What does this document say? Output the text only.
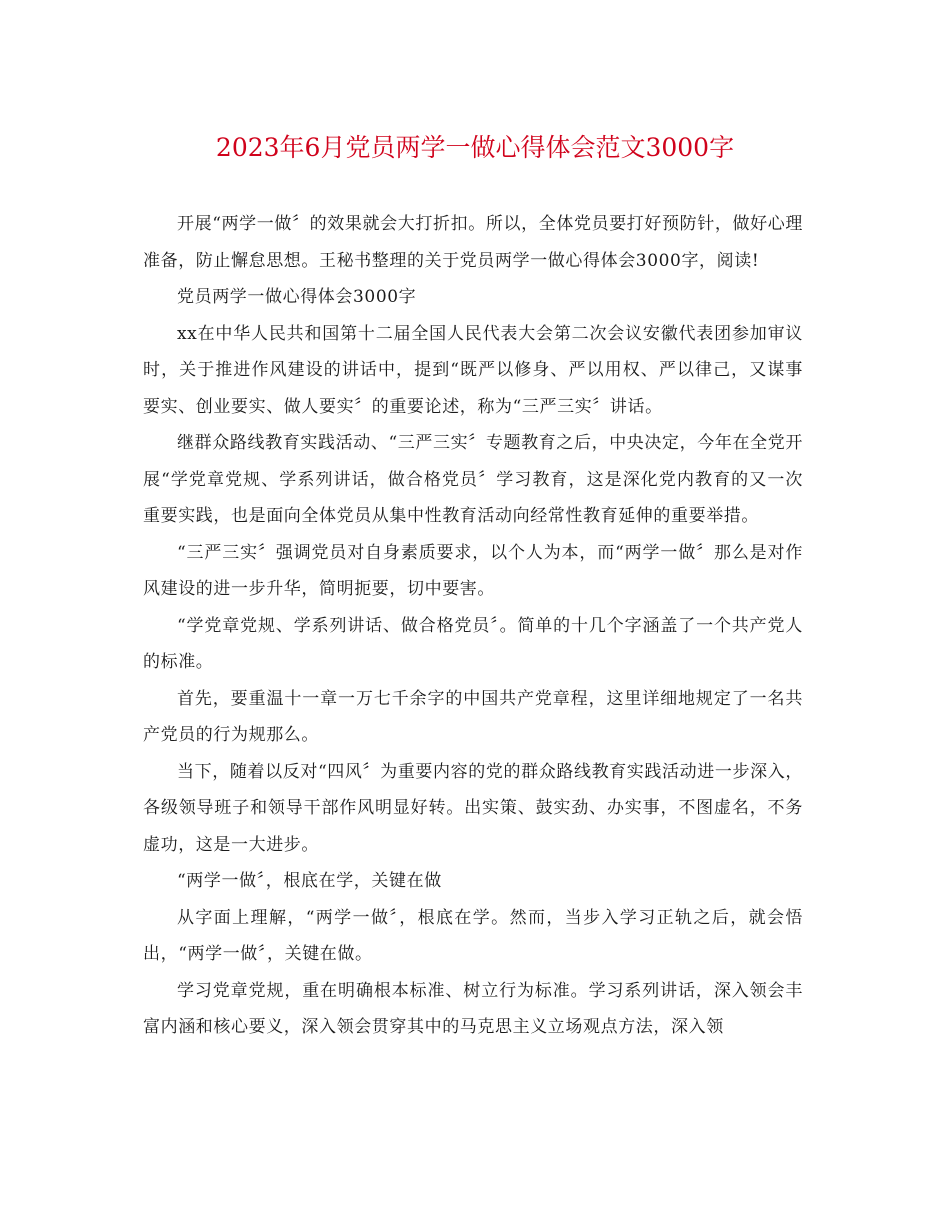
2023年6月党员两学一做心得体会范文3000字

开展“两学一做〞的效果就会大打折扣。所以，全体党员要打好预防针，做好心理准备，防止懈怠思想。王秘书整理的关于党员两学一做心得体会3000字，阅读!

党员两学一做心得体会3000字

xx在中华人民共和国第十二届全国人民代表大会第二次会议安徽代表团参加审议时，关于推进作风建设的讲话中，提到“既严以修身、严以用权、严以律己，又谋事要实、创业要实、做人要实〞的重要论述，称为“三严三实〞讲话。

继群众路线教育实践活动、“三严三实〞专题教育之后，中央决定，今年在全党开展“学党章党规、学系列讲话，做合格党员〞学习教育，这是深化党内教育的又一次重要实践，也是面向全体党员从集中性教育活动向经常性教育延伸的重要举措。

“三严三实〞强调党员对自身素质要求，以个人为本，而“两学一做〞那么是对作风建设的进一步升华，简明扼要，切中要害。

“学党章党规、学系列讲话、做合格党员〞。简单的十几个字涵盖了一个共产党人的标准。

首先，要重温十一章一万七千余字的中国共产党章程，这里详细地规定了一名共产党员的行为规那么。

当下，随着以反对“四风〞为重要内容的党的群众路线教育实践活动进一步深入，各级领导班子和领导干部作风明显好转。出实策、鼓实劲、办实事，不图虚名，不务虚功，这是一大进步。

“两学一做〞，根底在学，关键在做

从字面上理解，“两学一做〞，根底在学。然而，当步入学习正轨之后，就会悟出，“两学一做〞，关键在做。

学习党章党规，重在明确根本标准、树立行为标准。学习系列讲话，深入领会丰富内涵和核心要义，深入领会贯穿其中的马克思主义立场观点方法，深入领
